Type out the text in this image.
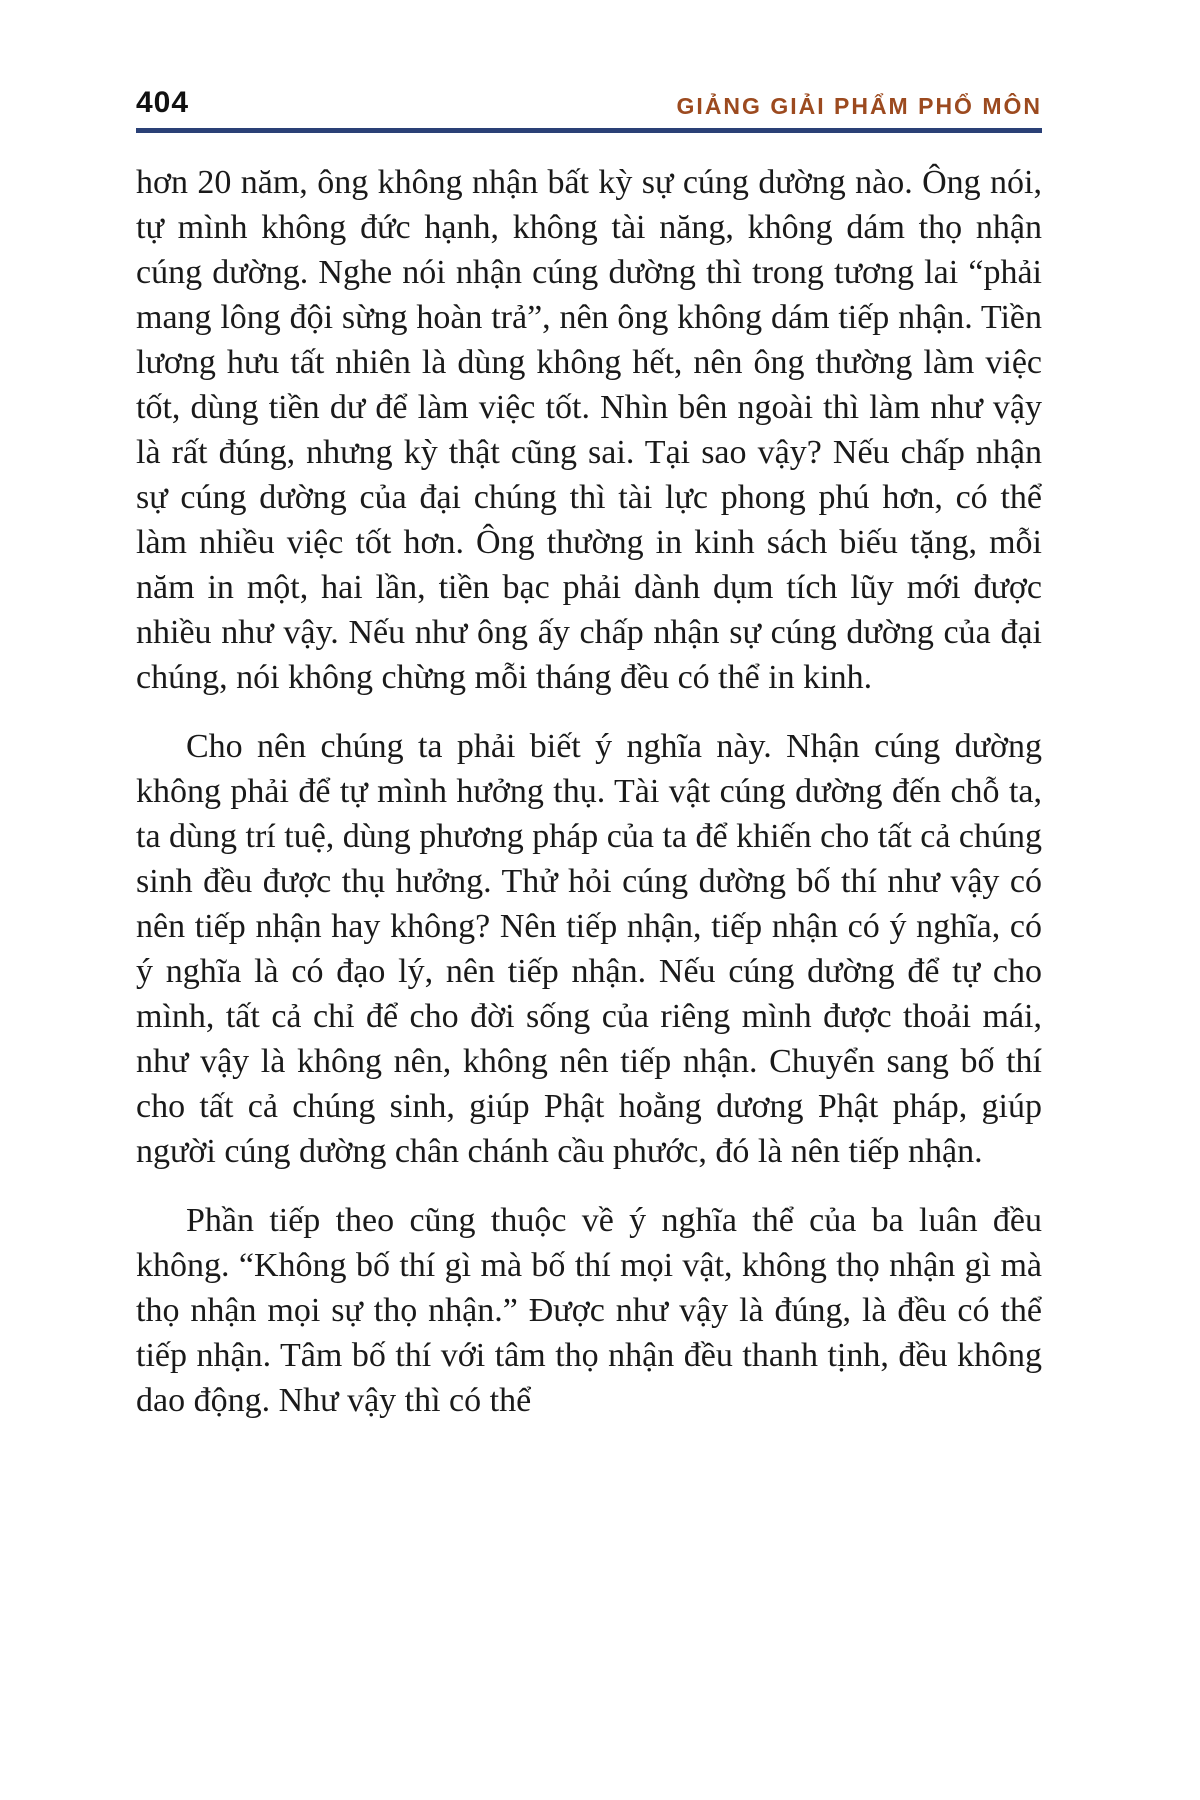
404	GIẢNG GIẢI PHẨM PHỔ MÔN

hơn 20 năm, ông không nhận bất kỳ sự cúng dường nào. Ông nói, tự mình không đức hạnh, không tài năng, không dám thọ nhận cúng dường. Nghe nói nhận cúng dường thì trong tương lai “phải mang lông đội sừng hoàn trả”, nên ông không dám tiếp nhận. Tiền lương hưu tất nhiên là dùng không hết, nên ông thường làm việc tốt, dùng tiền dư để làm việc tốt. Nhìn bên ngoài thì làm như vậy là rất đúng, nhưng kỳ thật cũng sai. Tại sao vậy? Nếu chấp nhận sự cúng dường của đại chúng thì tài lực phong phú hơn, có thể làm nhiều việc tốt hơn. Ông thường in kinh sách biếu tặng, mỗi năm in một, hai lần, tiền bạc phải dành dụm tích lũy mới được nhiều như vậy. Nếu như ông ấy chấp nhận sự cúng dường của đại chúng, nói không chừng mỗi tháng đều có thể in kinh.

Cho nên chúng ta phải biết ý nghĩa này. Nhận cúng dường không phải để tự mình hưởng thụ. Tài vật cúng dường đến chỗ ta, ta dùng trí tuệ, dùng phương pháp của ta để khiến cho tất cả chúng sinh đều được thụ hưởng. Thử hỏi cúng dường bố thí như vậy có nên tiếp nhận hay không? Nên tiếp nhận, tiếp nhận có ý nghĩa, có ý nghĩa là có đạo lý, nên tiếp nhận. Nếu cúng dường để tự cho mình, tất cả chỉ để cho đời sống của riêng mình được thoải mái, như vậy là không nên, không nên tiếp nhận. Chuyển sang bố thí cho tất cả chúng sinh, giúp Phật hoằng dương Phật pháp, giúp người cúng dường chân chánh cầu phước, đó là nên tiếp nhận.

Phần tiếp theo cũng thuộc về ý nghĩa thể của ba luân đều không. “Không bố thí gì mà bố thí mọi vật, không thọ nhận gì mà thọ nhận mọi sự thọ nhận.” Được như vậy là đúng, là đều có thể tiếp nhận. Tâm bố thí với tâm thọ nhận đều thanh tịnh, đều không dao động. Như vậy thì có thể
